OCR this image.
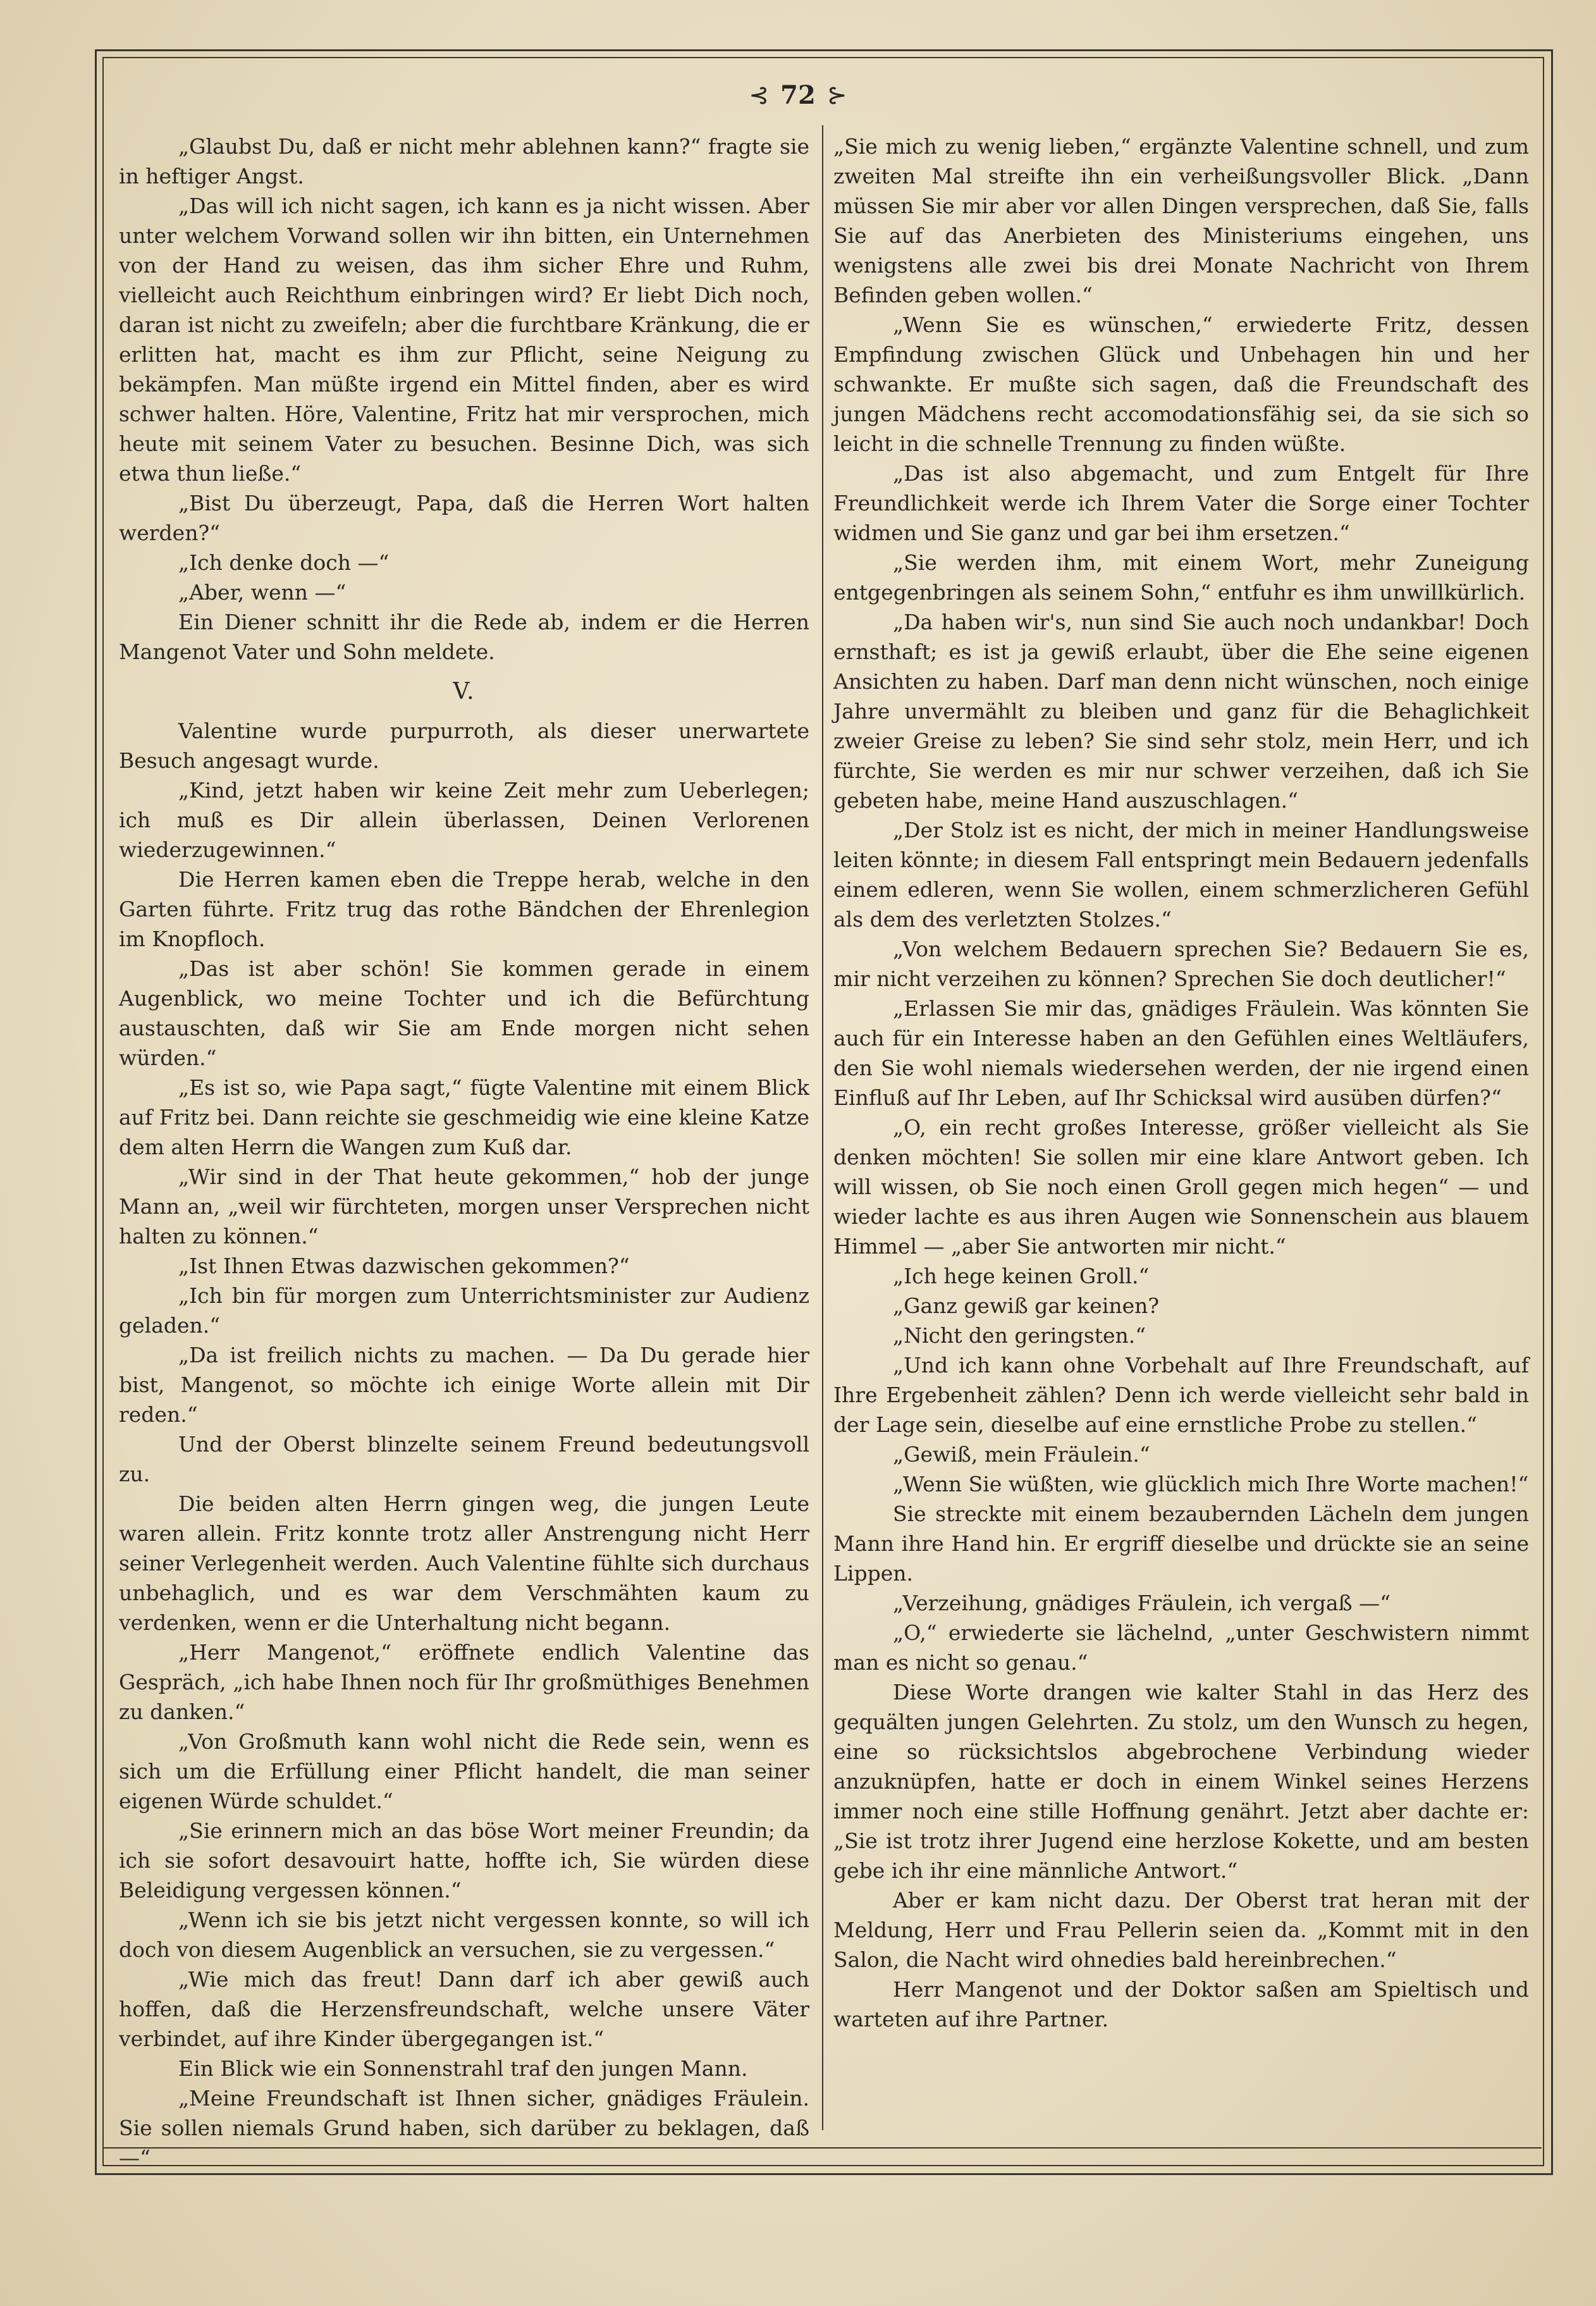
⊰ 72 ⊱

„Glaubst Du, daß er nicht mehr ablehnen kann?“ fragte sie in heftiger Angst.

„Das will ich nicht sagen, ich kann es ja nicht wissen. Aber unter welchem Vorwand sollen wir ihn bitten, ein Unternehmen von der Hand zu weisen, das ihm sicher Ehre und Ruhm, vielleicht auch Reichthum einbringen wird? Er liebt Dich noch, daran ist nicht zu zweifeln; aber die furchtbare Kränkung, die er erlitten hat, macht es ihm zur Pflicht, seine Neigung zu bekämpfen. Man müßte irgend ein Mittel finden, aber es wird schwer halten. Höre, Valentine, Fritz hat mir versprochen, mich heute mit seinem Vater zu besuchen. Besinne Dich, was sich etwa thun ließe.“

„Bist Du überzeugt, Papa, daß die Herren Wort halten werden?“

„Ich denke doch —“

„Aber, wenn —“

Ein Diener schnitt ihr die Rede ab, indem er die Herren Mangenot Vater und Sohn meldete.

V.

Valentine wurde purpurroth, als dieser unerwartete Besuch angesagt wurde.

„Kind, jetzt haben wir keine Zeit mehr zum Ueberlegen; ich muß es Dir allein überlassen, Deinen Verlorenen wiederzugewinnen.“

Die Herren kamen eben die Treppe herab, welche in den Garten führte. Fritz trug das rothe Bändchen der Ehrenlegion im Knopfloch.

„Das ist aber schön! Sie kommen gerade in einem Augenblick, wo meine Tochter und ich die Befürchtung austauschten, daß wir Sie am Ende morgen nicht sehen würden.“

„Es ist so, wie Papa sagt,“ fügte Valentine mit einem Blick auf Fritz bei. Dann reichte sie geschmeidig wie eine kleine Katze dem alten Herrn die Wangen zum Kuß dar.

„Wir sind in der That heute gekommen,“ hob der junge Mann an, „weil wir fürchteten, morgen unser Versprechen nicht halten zu können.“

„Ist Ihnen Etwas dazwischen gekommen?“

„Ich bin für morgen zum Unterrichtsminister zur Audienz geladen.“

„Da ist freilich nichts zu machen. — Da Du gerade hier bist, Mangenot, so möchte ich einige Worte allein mit Dir reden.“

Und der Oberst blinzelte seinem Freund bedeutungsvoll zu.

Die beiden alten Herrn gingen weg, die jungen Leute waren allein. Fritz konnte trotz aller Anstrengung nicht Herr seiner Verlegenheit werden. Auch Valentine fühlte sich durchaus unbehaglich, und es war dem Verschmähten kaum zu verdenken, wenn er die Unterhaltung nicht begann.

„Herr Mangenot,“ eröffnete endlich Valentine das Gespräch, „ich habe Ihnen noch für Ihr großmüthiges Benehmen zu danken.“

„Von Großmuth kann wohl nicht die Rede sein, wenn es sich um die Erfüllung einer Pflicht handelt, die man seiner eigenen Würde schuldet.“

„Sie erinnern mich an das böse Wort meiner Freundin; da ich sie sofort desavouirt hatte, hoffte ich, Sie würden diese Beleidigung vergessen können.“

„Wenn ich sie bis jetzt nicht vergessen konnte, so will ich doch von diesem Augenblick an versuchen, sie zu vergessen.“

„Wie mich das freut! Dann darf ich aber gewiß auch hoffen, daß die Herzensfreundschaft, welche unsere Väter verbindet, auf ihre Kinder übergegangen ist.“

Ein Blick wie ein Sonnenstrahl traf den jungen Mann.

„Meine Freundschaft ist Ihnen sicher, gnädiges Fräulein. Sie sollen niemals Grund haben, sich darüber zu beklagen, daß —“

„Sie mich zu wenig lieben,“ ergänzte Valentine schnell, und zum zweiten Mal streifte ihn ein verheißungsvoller Blick. „Dann müssen Sie mir aber vor allen Dingen versprechen, daß Sie, falls Sie auf das Anerbieten des Ministeriums eingehen, uns wenigstens alle zwei bis drei Monate Nachricht von Ihrem Befinden geben wollen.“

„Wenn Sie es wünschen,“ erwiederte Fritz, dessen Empfindung zwischen Glück und Unbehagen hin und her schwankte. Er mußte sich sagen, daß die Freundschaft des jungen Mädchens recht accomodationsfähig sei, da sie sich so leicht in die schnelle Trennung zu finden wüßte.

„Das ist also abgemacht, und zum Entgelt für Ihre Freundlichkeit werde ich Ihrem Vater die Sorge einer Tochter widmen und Sie ganz und gar bei ihm ersetzen.“

„Sie werden ihm, mit einem Wort, mehr Zuneigung entgegenbringen als seinem Sohn,“ entfuhr es ihm unwillkürlich.

„Da haben wir's, nun sind Sie auch noch undankbar! Doch ernsthaft; es ist ja gewiß erlaubt, über die Ehe seine eigenen Ansichten zu haben. Darf man denn nicht wünschen, noch einige Jahre unvermählt zu bleiben und ganz für die Behaglichkeit zweier Greise zu leben? Sie sind sehr stolz, mein Herr, und ich fürchte, Sie werden es mir nur schwer verzeihen, daß ich Sie gebeten habe, meine Hand auszuschlagen.“

„Der Stolz ist es nicht, der mich in meiner Handlungsweise leiten könnte; in diesem Fall entspringt mein Bedauern jedenfalls einem edleren, wenn Sie wollen, einem schmerzlicheren Gefühl als dem des verletzten Stolzes.“

„Von welchem Bedauern sprechen Sie? Bedauern Sie es, mir nicht verzeihen zu können? Sprechen Sie doch deutlicher!“

„Erlassen Sie mir das, gnädiges Fräulein. Was könnten Sie auch für ein Interesse haben an den Gefühlen eines Weltläufers, den Sie wohl niemals wiedersehen werden, der nie irgend einen Einfluß auf Ihr Leben, auf Ihr Schicksal wird ausüben dürfen?“

„O, ein recht großes Interesse, größer vielleicht als Sie denken möchten! Sie sollen mir eine klare Antwort geben. Ich will wissen, ob Sie noch einen Groll gegen mich hegen“ — und wieder lachte es aus ihren Augen wie Sonnenschein aus blauem Himmel — „aber Sie antworten mir nicht.“

„Ich hege keinen Groll.“

„Ganz gewiß gar keinen?

„Nicht den geringsten.“

„Und ich kann ohne Vorbehalt auf Ihre Freundschaft, auf Ihre Ergebenheit zählen? Denn ich werde vielleicht sehr bald in der Lage sein, dieselbe auf eine ernstliche Probe zu stellen.“

„Gewiß, mein Fräulein.“

„Wenn Sie wüßten, wie glücklich mich Ihre Worte machen!“

Sie streckte mit einem bezaubernden Lächeln dem jungen Mann ihre Hand hin. Er ergriff dieselbe und drückte sie an seine Lippen.

„Verzeihung, gnädiges Fräulein, ich vergaß —“

„O,“ erwiederte sie lächelnd, „unter Geschwistern nimmt man es nicht so genau.“

Diese Worte drangen wie kalter Stahl in das Herz des gequälten jungen Gelehrten. Zu stolz, um den Wunsch zu hegen, eine so rücksichtslos abgebrochene Verbindung wieder anzuknüpfen, hatte er doch in einem Winkel seines Herzens immer noch eine stille Hoffnung genährt. Jetzt aber dachte er: „Sie ist trotz ihrer Jugend eine herzlose Kokette, und am besten gebe ich ihr eine männliche Antwort.“

Aber er kam nicht dazu. Der Oberst trat heran mit der Meldung, Herr und Frau Pellerin seien da. „Kommt mit in den Salon, die Nacht wird ohnedies bald hereinbrechen.“

Herr Mangenot und der Doktor saßen am Spieltisch und warteten auf ihre Partner.
